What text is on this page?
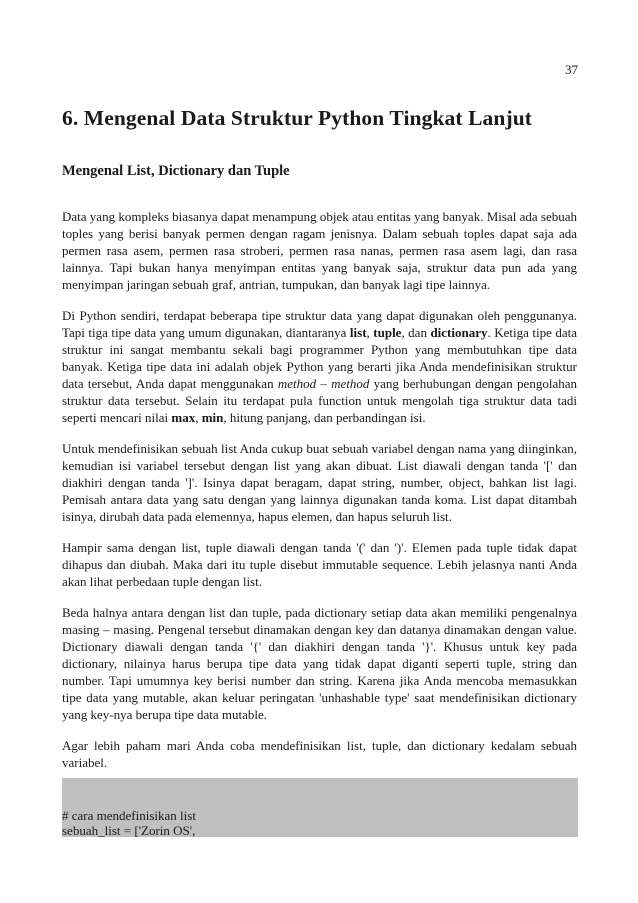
37
6. Mengenal Data Struktur Python Tingkat Lanjut
Mengenal List, Dictionary dan Tuple

Data yang kompleks biasanya dapat menampung objek atau entitas yang banyak. Misal ada sebuah toples yang berisi banyak permen dengan ragam jenisnya. Dalam sebuah toples dapat saja ada permen rasa asem, permen rasa stroberi, permen rasa nanas, permen rasa asem lagi, dan rasa lainnya. Tapi bukan hanya menyimpan entitas yang banyak saja, struktur data pun ada yang menyimpan jaringan sebuah graf, antrian, tumpukan, dan banyak lagi tipe lainnya.

Di Python sendiri, terdapat beberapa tipe struktur data yang dapat digunakan oleh penggunanya. Tapi tiga tipe data yang umum digunakan, diantaranya list, tuple, dan dictionary. Ketiga tipe data struktur ini sangat membantu sekali bagi programmer Python yang membutuhkan tipe data banyak. Ketiga tipe data ini adalah objek Python yang berarti jika Anda mendefinisikan struktur data tersebut, Anda dapat menggunakan method – method yang berhubungan dengan pengolahan struktur data tersebut. Selain itu terdapat pula function untuk mengolah tiga struktur data tadi seperti mencari nilai max, min, hitung panjang, dan perbandingan isi.

Untuk mendefinisikan sebuah list Anda cukup buat sebuah variabel dengan nama yang diinginkan, kemudian isi variabel tersebut dengan list yang akan dibuat. List diawali dengan tanda '[' dan diakhiri dengan tanda ']'. Isinya dapat beragam, dapat string, number, object, bahkan list lagi. Pemisah antara data yang satu dengan yang lainnya digunakan tanda koma. List dapat ditambah isinya, dirubah data pada elemennya, hapus elemen, dan hapus seluruh list.

Hampir sama dengan list, tuple diawali dengan tanda '(' dan ')'. Elemen pada tuple tidak dapat dihapus dan diubah. Maka dari itu tuple disebut immutable sequence. Lebih jelasnya nanti Anda akan lihat perbedaan tuple dengan list.

Beda halnya antara dengan list dan tuple, pada dictionary setiap data akan memiliki pengenalnya masing – masing. Pengenal tersebut dinamakan dengan key dan datanya dinamakan dengan value. Dictionary diawali dengan tanda '{' dan diakhiri dengan tanda '}'. Khusus untuk key pada dictionary, nilainya harus berupa tipe data yang tidak dapat diganti seperti tuple, string dan number. Tapi umumnya key berisi number dan string. Karena jika Anda mencoba memasukkan tipe data yang mutable, akan keluar peringatan 'unhashable type' saat mendefinisikan dictionary yang key-nya berupa tipe data mutable.

Agar lebih paham mari Anda coba mendefinisikan list, tuple, dan dictionary kedalam sebuah variabel.

# cara mendefinisikan list
sebuah_list = ['Zorin OS',
